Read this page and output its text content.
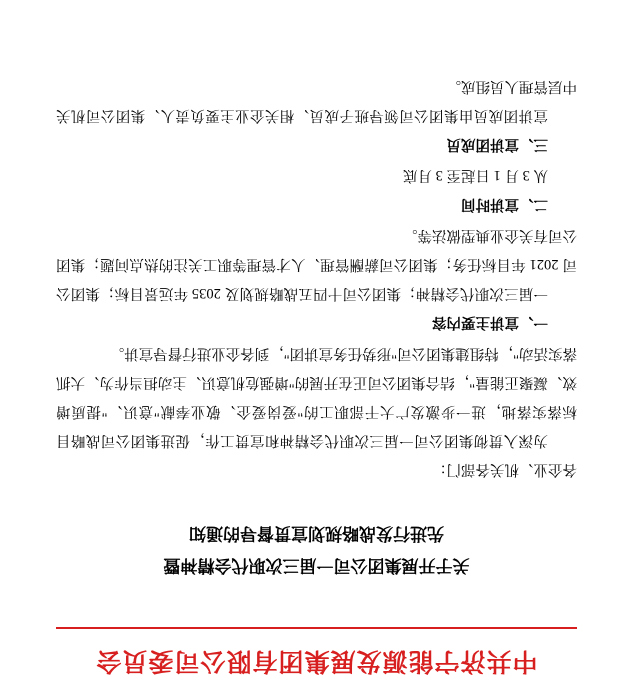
中共济宁能源发展集团有限公司委员会
关于开展集团公司一届三次职代会精神暨
先进行发战略规划宣贯督导的通知

各企业、机关各部门：

为深入贯彻集团公司一届三次职代会精神和宣贯工作，促进集团公司战略目标落实落地，进一步激发广大干部职工的"爱岗爱企、敬业奉献"意识、"提质增效、凝聚正能量"，结合集团公司正在开展的"增强危机意识、主动担当作为、大抓落实活动"，特组建集团公司"形势任务宣讲团"，到各企业进行督导宣讲。

一、宣讲主要内容

一届三次职代会精神；集团公司十四五战略规划及 2035 年远景目标；集团公司 2021 年目标任务；集团公司薪酬管理、人才管理等职工关注的热点问题；集团公司有关企业典型做法等。

二、宣讲时间

从 3 月 1 日起至 3 月底

三、宣讲团成员

宣讲团成员由集团公司领导班子成员、相关企业主要负责人、集团公司机关中层管理人员组成。
